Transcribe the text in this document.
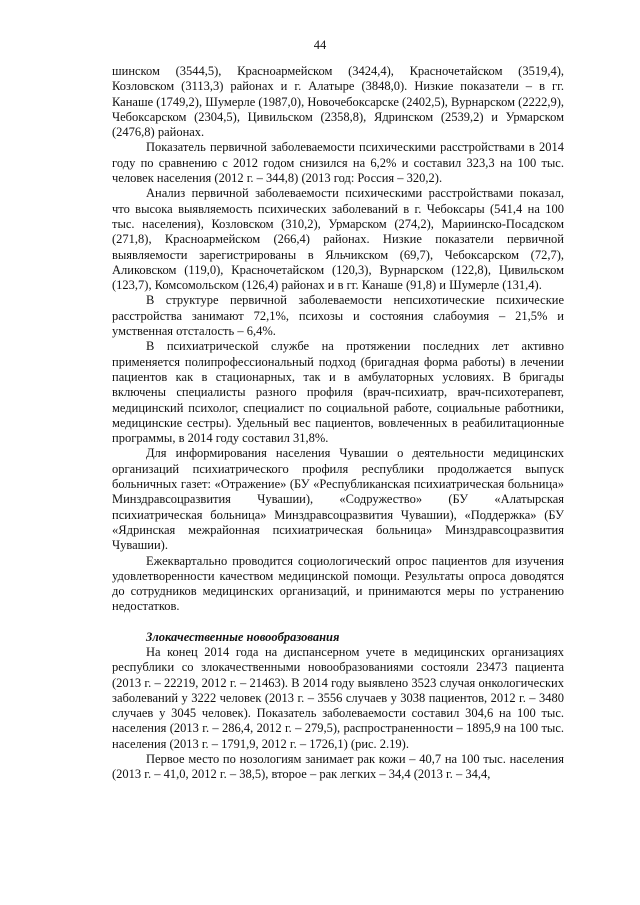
44

шинском (3544,5), Красноармейском (3424,4), Красночетайском (3519,4), Козловском (3113,3) районах и г. Алатыре (3848,0). Низкие показатели – в гг. Канаше (1749,2), Шумерле (1987,0), Новочебоксарске (2402,5), Вурнарском (2222,9), Чебоксарском (2304,5), Цивильском (2358,8), Ядринском (2539,2) и Урмарском (2476,8) районах.

Показатель первичной заболеваемости психическими расстройствами в 2014 году по сравнению с 2012 годом снизился на 6,2% и составил 323,3 на 100 тыс. человек населения (2012 г. – 344,8) (2013 год: Россия – 320,2).

Анализ первичной заболеваемости психическими расстройствами показал, что высока выявляемость психических заболеваний в г. Чебоксары (541,4 на 100 тыс. населения), Козловском (310,2), Урмарском (274,2), Мариинско-Посадском (271,8), Красноармейском (266,4) районах. Низкие показатели первичной выявляемости зарегистрированы в Яльчикском (69,7), Чебоксарском (72,7), Аликовском (119,0), Красночетайском (120,3), Вурнарском (122,8), Цивильском (123,7), Комсомольском (126,4) районах и в гг. Канаше (91,8) и Шумерле (131,4).

В структуре первичной заболеваемости непсихотические психические расстройства занимают 72,1%, психозы и состояния слабоумия – 21,5% и умственная отсталость – 6,4%.

В психиатрической службе на протяжении последних лет активно применяется полипрофессиональный подход (бригадная форма работы) в лечении пациентов как в стационарных, так и в амбулаторных условиях. В бригады включены специалисты разного профиля (врач-психиатр, врач-психотерапевт, медицинский психолог, специалист по социальной работе, социальные работники, медицинские сестры). Удельный вес пациентов, вовлеченных в реабилитационные программы, в 2014 году составил 31,8%.

Для информирования населения Чувашии о деятельности медицинских организаций психиатрического профиля республики продолжается выпуск больничных газет: «Отражение» (БУ «Республиканская психиатрическая больница» Минздравсоцразвития Чувашии), «Содружество» (БУ «Алатырская психиатрическая больница» Минздравсоцразвития Чувашии), «Поддержка» (БУ «Ядринская межрайонная психиатрическая больница» Минздравсоцразвития Чувашии).

Ежеквартально проводится социологический опрос пациентов для изучения удовлетворенности качеством медицинской помощи. Результаты опроса доводятся до сотрудников медицинских организаций, и принимаются меры по устранению недостатков.

Злокачественные новообразования

На конец 2014 года на диспансерном учете в медицинских организациях республики со злокачественными новообразованиями состояли 23473 пациента (2013 г. – 22219, 2012 г. – 21463). В 2014 году выявлено 3523 случая онкологических заболеваний у 3222 человек (2013 г. – 3556 случаев у 3038 пациентов, 2012 г. – 3480 случаев у 3045 человек). Показатель заболеваемости составил 304,6 на 100 тыс. населения (2013 г. – 286,4, 2012 г. – 279,5), распространенности – 1895,9 на 100 тыс. населения (2013 г. – 1791,9, 2012 г. – 1726,1) (рис. 2.19).

Первое место по нозологиям занимает рак кожи – 40,7 на 100 тыс. населения (2013 г. – 41,0, 2012 г. – 38,5), второе – рак легких – 34,4 (2013 г. – 34,4,
